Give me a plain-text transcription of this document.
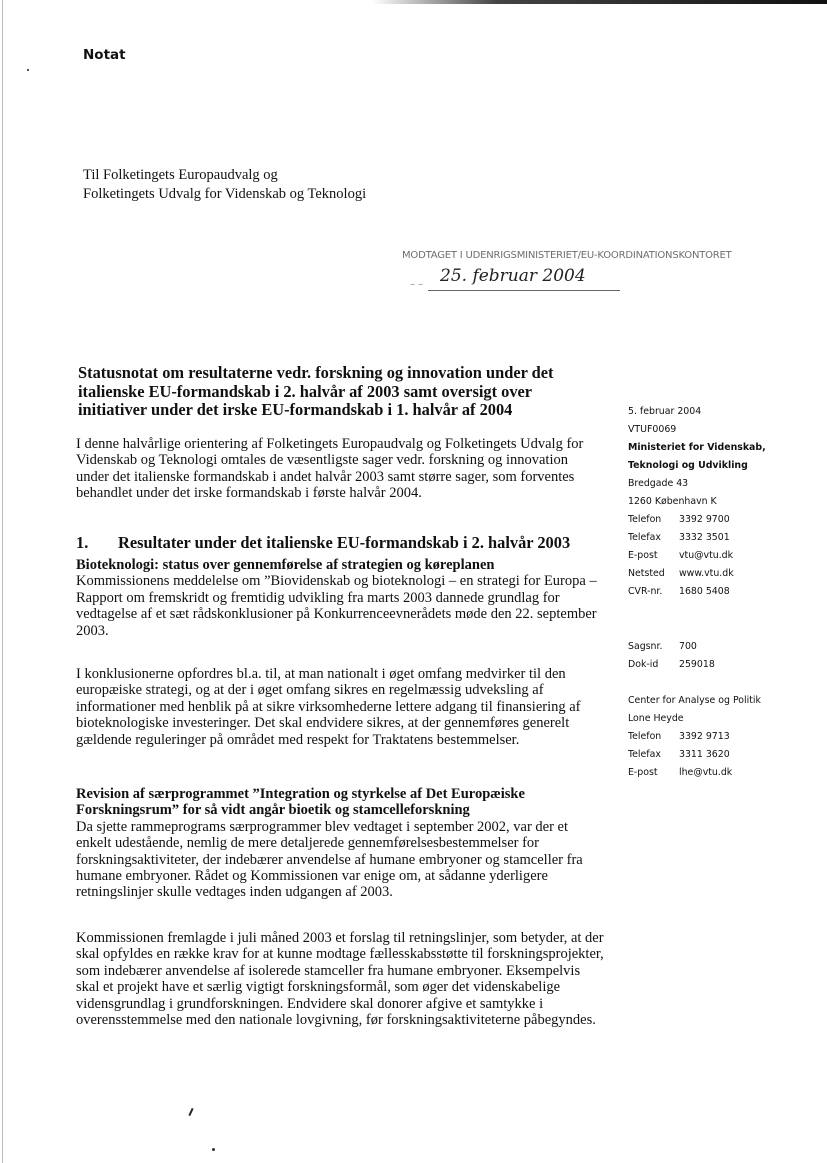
Notat
Til Folketingets Europaudvalg og
Folketingets Udvalg for Videnskab og Teknologi
MODTAGET I UDENRIGSMINISTERIET/EU-KOORDINATIONSKONTORET
– – 25. februar 2004
Statusnotat om resultaterne vedr. forskning og innovation under det italienske EU-formandskab i 2. halvår af 2003 samt oversigt over initiativer under det irske EU-formandskab i 1. halvår af 2004
I denne halvårlige orientering af Folketingets Europaudvalg og Folketingets Udvalg for Videnskab og Teknologi omtales de væsentligste sager vedr. forskning og innovation under det italienske formandskab i andet halvår 2003 samt større sager, som forventes behandlet under det irske formandskab i første halvår 2004.
1. Resultater under det italienske EU-formandskab i 2. halvår 2003
Bioteknologi: status over gennemførelse af strategien og køreplanen
Kommissionens meddelelse om ”Biovidenskab og bioteknologi – en strategi for Europa – Rapport om fremskridt og fremtidig udvikling fra marts 2003 dannede grundlag for vedtagelse af et sæt rådskonklusioner på Konkurrenceevnerådets møde den 22. september 2003.
I konklusionerne opfordres bl.a. til, at man nationalt i øget omfang medvirker til den europæiske strategi, og at der i øget omfang sikres en regelmæssig udveksling af informationer med henblik på at sikre virksomhederne lettere adgang til finansiering af bioteknologiske investeringer. Det skal endvidere sikres, at der gennemføres generelt gældende reguleringer på området med respekt for Traktatens bestemmelser.
Revision af særprogrammet ”Integration og styrkelse af Det Europæiske Forskningsrum” for så vidt angår bioetik og stamcelleforskning
Da sjette rammeprograms særprogrammer blev vedtaget i september 2002, var der et enkelt udestående, nemlig de mere detaljerede gennemførelsesbestemmelser for forskningsaktiviteter, der indebærer anvendelse af humane embryoner og stamceller fra humane embryoner. Rådet og Kommissionen var enige om, at sådanne yderligere retningslinjer skulle vedtages inden udgangen af 2003.
Kommissionen fremlagde i juli måned 2003 et forslag til retningslinjer, som betyder, at der skal opfyldes en række krav for at kunne modtage fællesskabsstøtte til forskningsprojekter, som indebærer anvendelse af isolerede stamceller fra humane embryoner. Eksempelvis skal et projekt have et særlig vigtigt forskningsformål, som øger det videnskabelige vidensgrundlag i grundforskningen. Endvidere skal donorer afgive et samtykke i overensstemmelse med den nationale lovgivning, før forskningsaktiviteterne påbegyndes.
5. februar 2004
VTUF0069
Ministeriet for Videnskab,
Teknologi og Udvikling
Bredgade 43
1260 København K
Telefon	3392 9700
Telefax	3332 3501
E-post	vtu@vtu.dk
Netsted	www.vtu.dk
CVR-nr.	1680 5408
Sagsnr.	700
Dok-id	259018
Center for Analyse og Politik
Lone Heyde
Telefon	3392 9713
Telefax	3311 3620
E-post	lhe@vtu.dk
